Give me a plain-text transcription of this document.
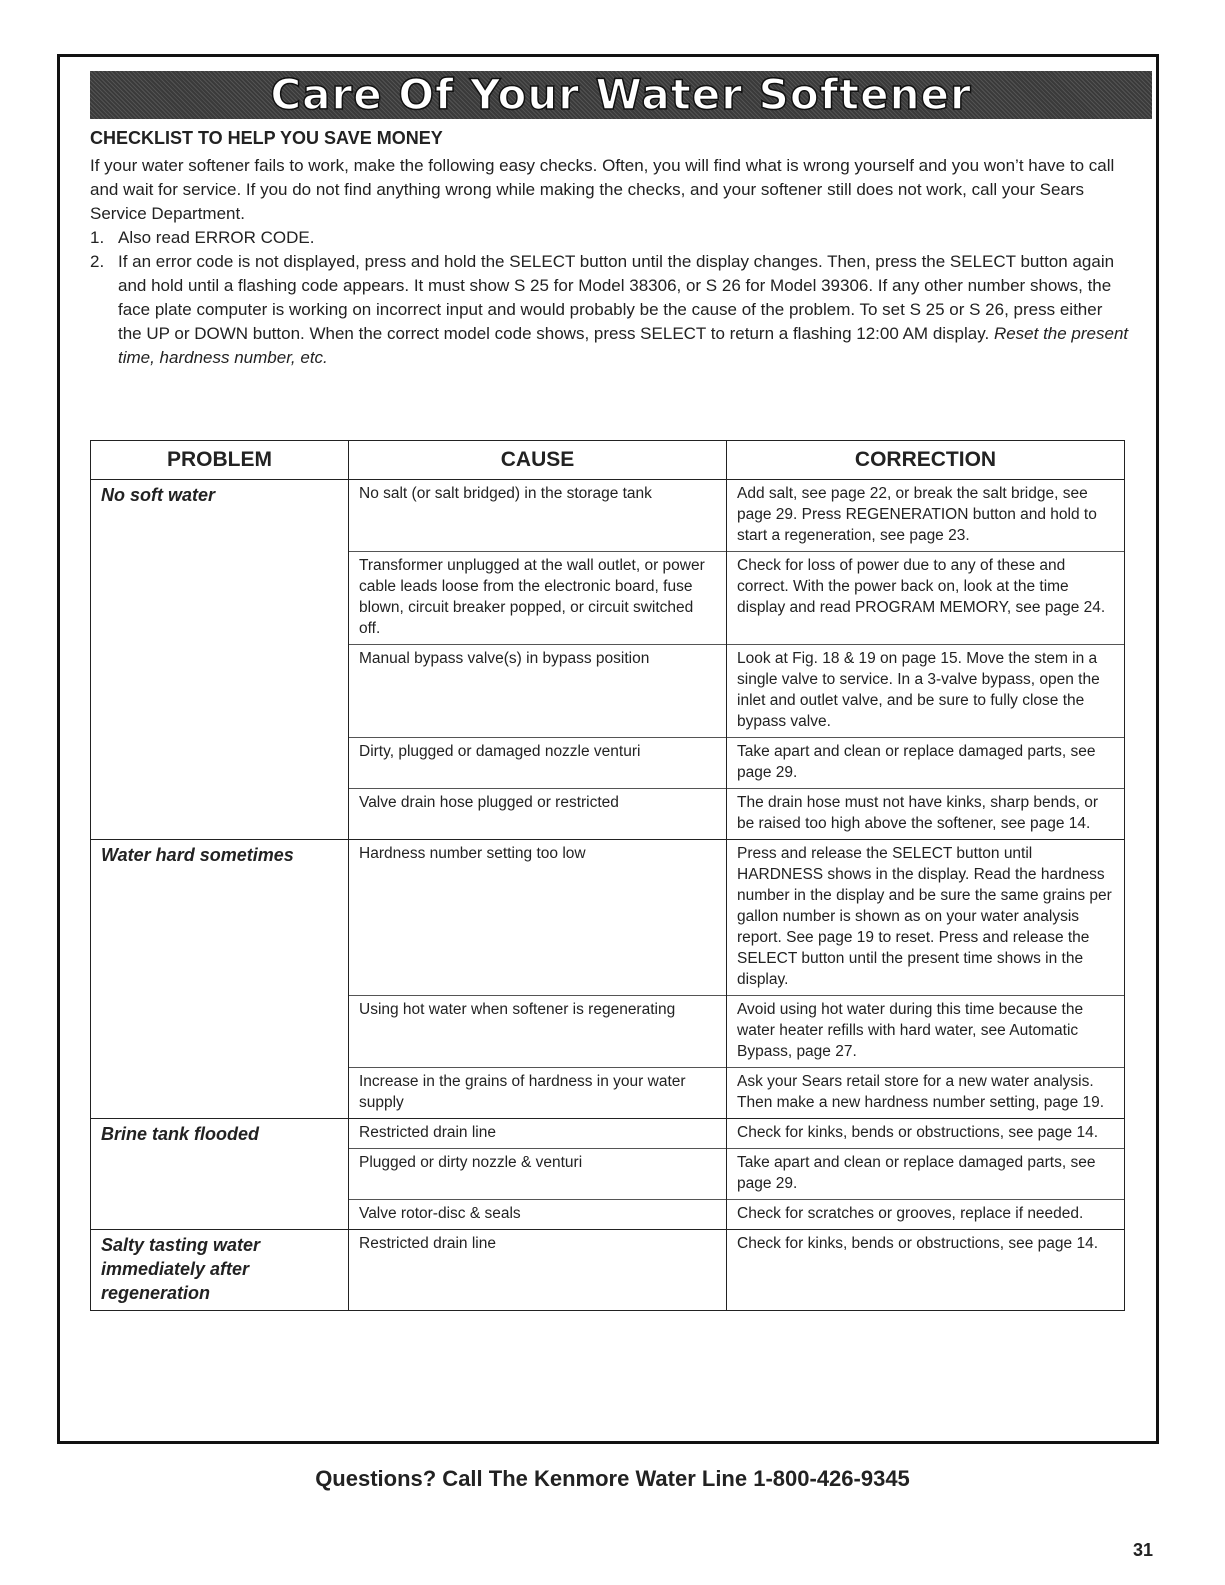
Care Of Your Water Softener
CHECKLIST TO HELP YOU SAVE MONEY
If your water softener fails to work, make the following easy checks. Often, you will find what is wrong yourself and you won’t have to call and wait for service. If you do not find anything wrong while making the checks, and your softener still does not work, call your Sears Service Department.
1. Also read ERROR CODE.
2. If an error code is not displayed, press and hold the SELECT button until the display changes. Then, press the SELECT button again and hold until a flashing code appears. It must show S 25 for Model 38306, or S 26 for Model 39306. If any other number shows, the face plate computer is working on incorrect input and would probably be the cause of the problem. To set S 25 or S 26, press either the UP or DOWN button. When the correct model code shows, press SELECT to return a flashing 12:00 AM display. Reset the present time, hardness number, etc.
PROBLEM	CAUSE	CORRECTION
No soft water	No salt (or salt bridged) in the storage tank	Add salt, see page 22, or break the salt bridge, see page 29. Press REGENERATION button and hold to start a regeneration, see page 23.
	Transformer unplugged at the wall outlet, or power cable leads loose from the electronic board, fuse blown, circuit breaker popped, or circuit switched off.	Check for loss of power due to any of these and correct. With the power back on, look at the time display and read PROGRAM MEMORY, see page 24.
	Manual bypass valve(s) in bypass position	Look at Fig. 18 & 19 on page 15. Move the stem in a single valve to service. In a 3-valve bypass, open the inlet and outlet valve, and be sure to fully close the bypass valve.
	Dirty, plugged or damaged nozzle venturi	Take apart and clean or replace damaged parts, see page 29.
	Valve drain hose plugged or restricted	The drain hose must not have kinks, sharp bends, or be raised too high above the softener, see page 14.
Water hard sometimes	Hardness number setting too low	Press and release the SELECT button until HARDNESS shows in the display. Read the hardness number in the display and be sure the same grains per gallon number is shown as on your water analysis report. See page 19 to reset. Press and release the SELECT button until the present time shows in the display.
	Using hot water when softener is regenerating	Avoid using hot water during this time because the water heater refills with hard water, see Automatic Bypass, page 27.
	Increase in the grains of hardness in your water supply	Ask your Sears retail store for a new water analysis. Then make a new hardness number setting, page 19.
Brine tank flooded	Restricted drain line	Check for kinks, bends or obstructions, see page 14.
	Plugged or dirty nozzle & venturi	Take apart and clean or replace damaged parts, see page 29.
	Valve rotor-disc & seals	Check for scratches or grooves, replace if needed.
Salty tasting water immediately after regeneration	Restricted drain line	Check for kinks, bends or obstructions, see page 14.
Questions? Call The Kenmore Water Line 1-800-426-9345
31
